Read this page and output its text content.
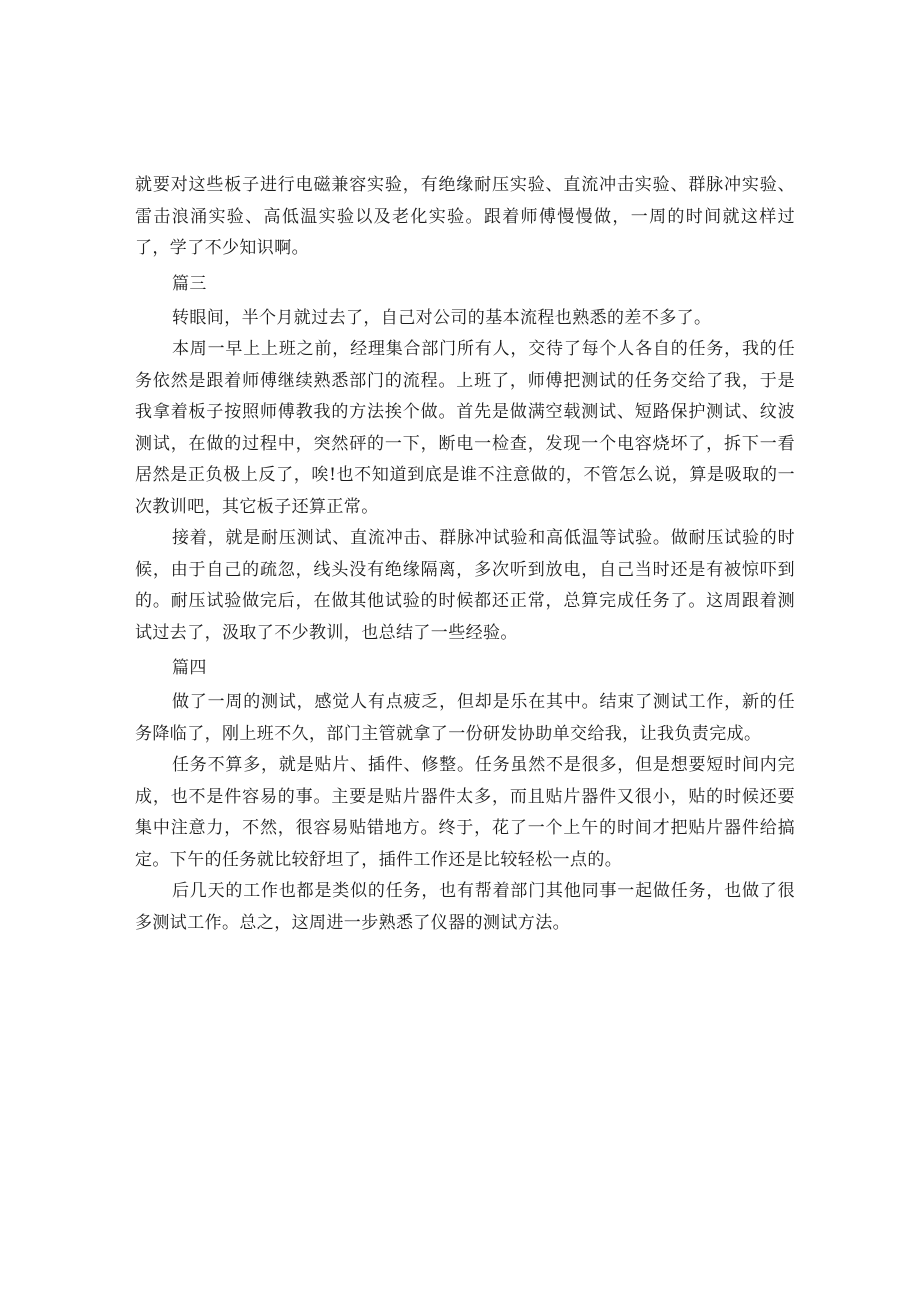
就要对这些板子进行电磁兼容实验，有绝缘耐压实验、直流冲击实验、群脉冲实验、雷击浪涌实验、高低温实验以及老化实验。跟着师傅慢慢做，一周的时间就这样过了，学了不少知识啊。

篇三

转眼间，半个月就过去了，自己对公司的基本流程也熟悉的差不多了。

本周一早上上班之前，经理集合部门所有人，交待了每个人各自的任务，我的任务依然是跟着师傅继续熟悉部门的流程。上班了，师傅把测试的任务交给了我，于是我拿着板子按照师傅教我的方法挨个做。首先是做满空载测试、短路保护测试、纹波测试，在做的过程中，突然砰的一下，断电一检查，发现一个电容烧坏了，拆下一看居然是正负极上反了，唉!也不知道到底是谁不注意做的，不管怎么说，算是吸取的一次教训吧，其它板子还算正常。

接着，就是耐压测试、直流冲击、群脉冲试验和高低温等试验。做耐压试验的时候，由于自己的疏忽，线头没有绝缘隔离，多次听到放电，自己当时还是有被惊吓到的。耐压试验做完后，在做其他试验的时候都还正常，总算完成任务了。这周跟着测试过去了，汲取了不少教训，也总结了一些经验。

篇四

做了一周的测试，感觉人有点疲乏，但却是乐在其中。结束了测试工作，新的任务降临了，刚上班不久，部门主管就拿了一份研发协助单交给我，让我负责完成。

任务不算多，就是贴片、插件、修整。任务虽然不是很多，但是想要短时间内完成，也不是件容易的事。主要是贴片器件太多，而且贴片器件又很小，贴的时候还要集中注意力，不然，很容易贴错地方。终于，花了一个上午的时间才把贴片器件给搞定。下午的任务就比较舒坦了，插件工作还是比较轻松一点的。

后几天的工作也都是类似的任务，也有帮着部门其他同事一起做任务，也做了很多测试工作。总之，这周进一步熟悉了仪器的测试方法。
